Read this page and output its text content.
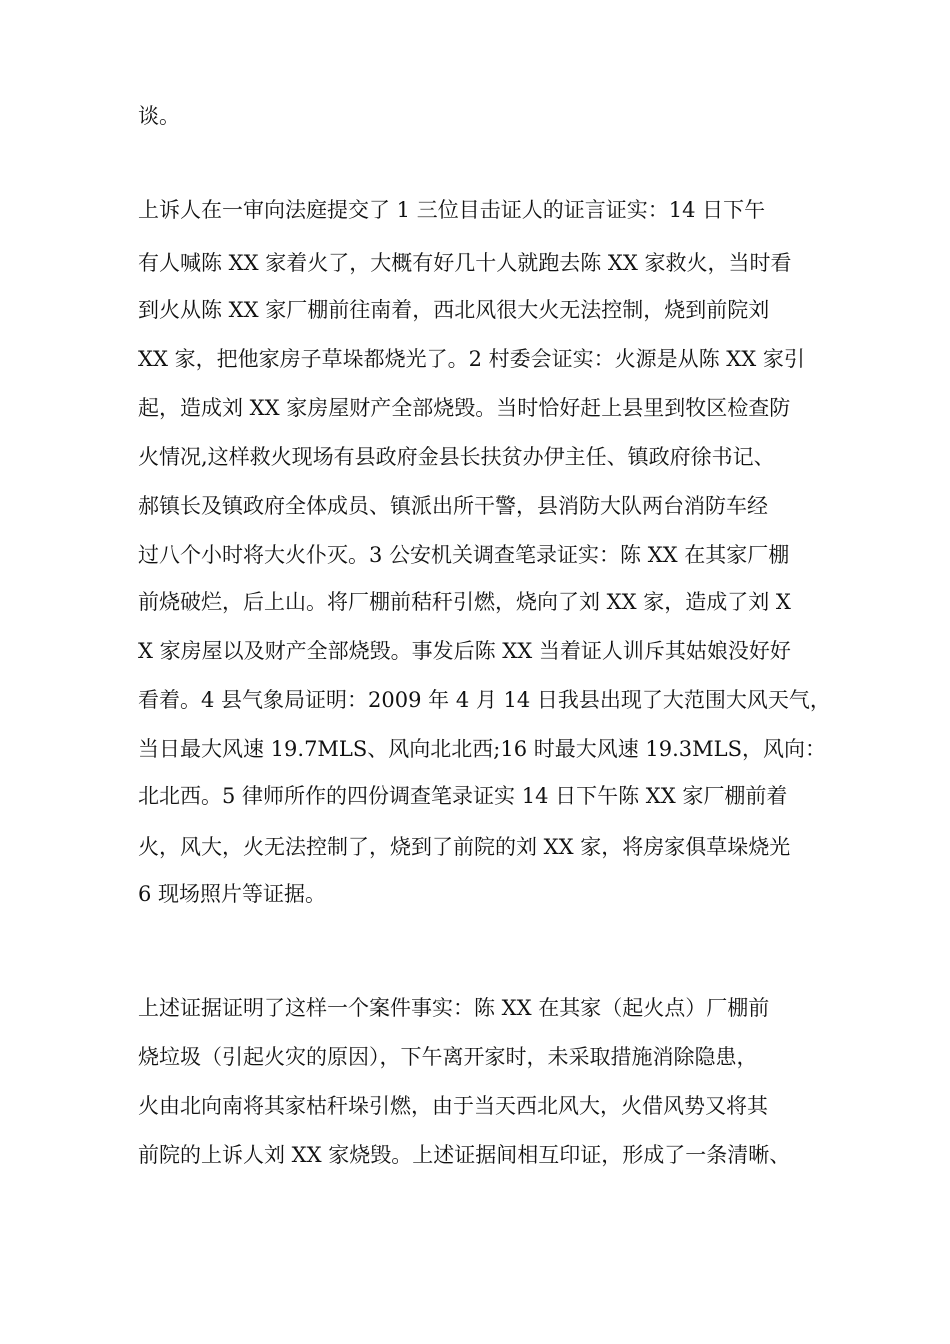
谈。
上诉人在一审向法庭提交了 1 三位目击证人的证言证实：14 日下午
有人喊陈 XX 家着火了，大概有好几十人就跑去陈 XX 家救火，当时看
到火从陈 XX 家厂棚前往南着，西北风很大火无法控制，烧到前院刘
XX 家，把他家房子草垛都烧光了。2 村委会证实：火源是从陈 XX 家引
起，造成刘 XX 家房屋财产全部烧毁。当时恰好赶上县里到牧区检查防
火情况,这样救火现场有县政府金县长扶贫办伊主任、镇政府徐书记、
郝镇长及镇政府全体成员、镇派出所干警，县消防大队两台消防车经
过八个小时将大火仆灭。3 公安机关调查笔录证实：陈 XX 在其家厂棚
前烧破烂，后上山。将厂棚前秸秆引燃，烧向了刘 XX 家，造成了刘 X
X 家房屋以及财产全部烧毁。事发后陈 XX 当着证人训斥其姑娘没好好
看着。4 县气象局证明：2009 年 4 月 14 日我县出现了大范围大风天气，
当日最大风速 19.7MLS、风向北北西;16 时最大风速 19.3MLS，风向：
北北西。5 律师所作的四份调查笔录证实 14 日下午陈 XX 家厂棚前着
火，风大，火无法控制了，烧到了前院的刘 XX 家，将房家俱草垛烧光
6 现场照片等证据。
上述证据证明了这样一个案件事实：陈 XX 在其家（起火点）厂棚前
烧垃圾（引起火灾的原因），下午离开家时，未采取措施消除隐患，
火由北向南将其家枯秆垛引燃，由于当天西北风大，火借风势又将其
前院的上诉人刘 XX 家烧毁。上述证据间相互印证，形成了一条清晰、
